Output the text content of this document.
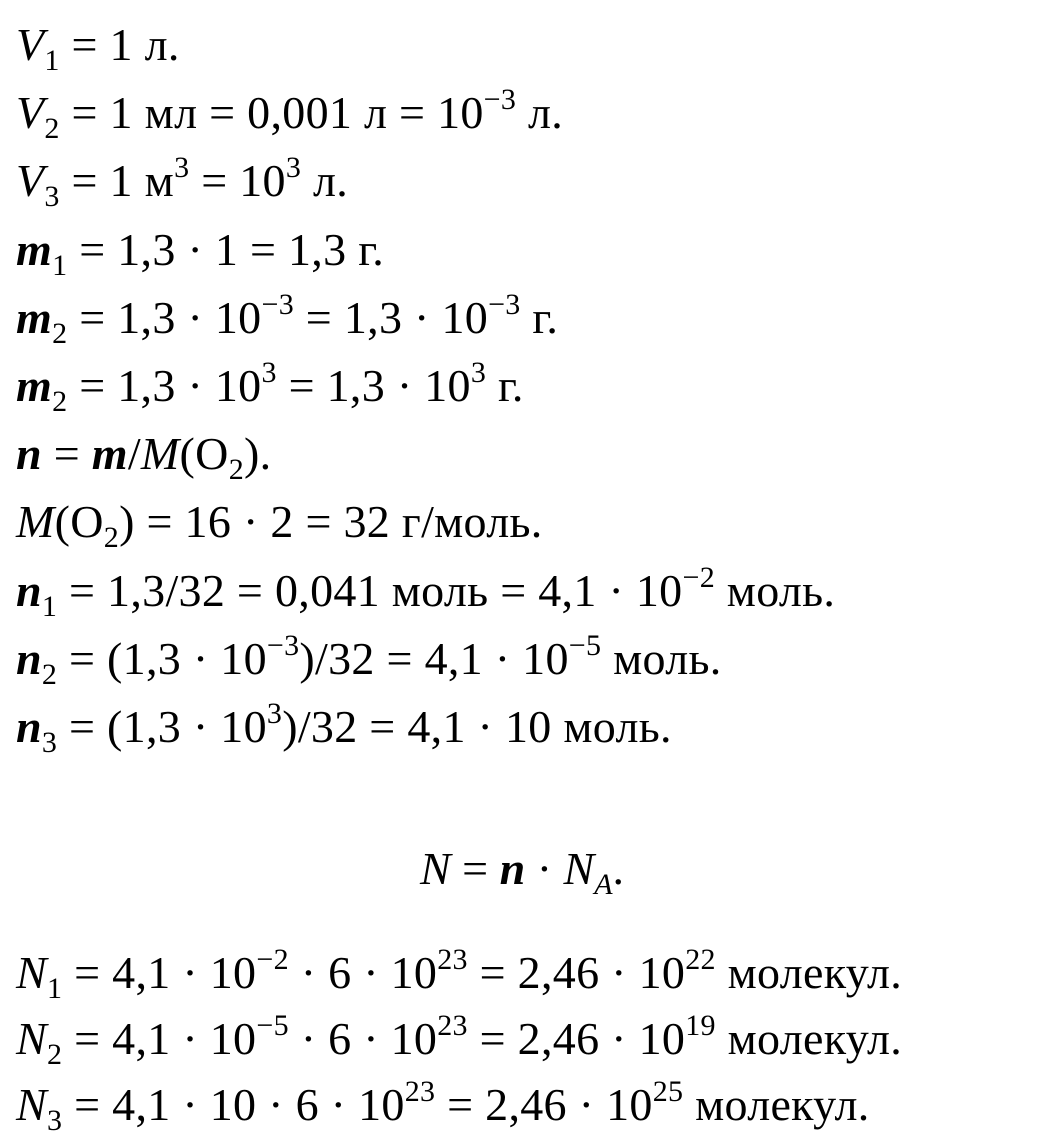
$V_1 = 1$ л.
$V_2 = 1$ мл = 0,001 $л = 10^{-3}$ л.
$V_3 = 1$ $м^3 = 10^3$ л.
$m_1 = 1,3 \cdot 1 = 1,3$ г.
$m_2 = 1,3 \cdot 10^{-3} = 1,3 \cdot 10^{-3}$ г.
$m_2 = 1,3 \cdot 10^3 = 1,3 \cdot 10^3$ г.
$n = m/M(O_2)$.
$M(O_2) = 16 \cdot 2 = 32$ г/моль.
$n_1 = 1,3/32 = 0,041$ моль = $4,1 \cdot 10^{-2}$ моль.
$n_2 = (1,3 \cdot 10^{-3})/32 = 4,1 \cdot 10^{-5}$ моль.
$n_3 = (1,3 \cdot 10^3)/32 = 4,1 \cdot 10$ моль.
$N = n \cdot N_A$.
$N_1 = 4,1 \cdot 10^{-2} \cdot 6 \cdot 10^{23} = 2,46 \cdot 10^{22}$ молекул.
$N_2 = 4,1 \cdot 10^{-5} \cdot 6 \cdot 10^{23} = 2,46 \cdot 10^{19}$ молекул.
$N_3 = 4,1 \cdot 10 \cdot 6 \cdot 10^{23} = 2,46 \cdot 10^{25}$ молекул.
